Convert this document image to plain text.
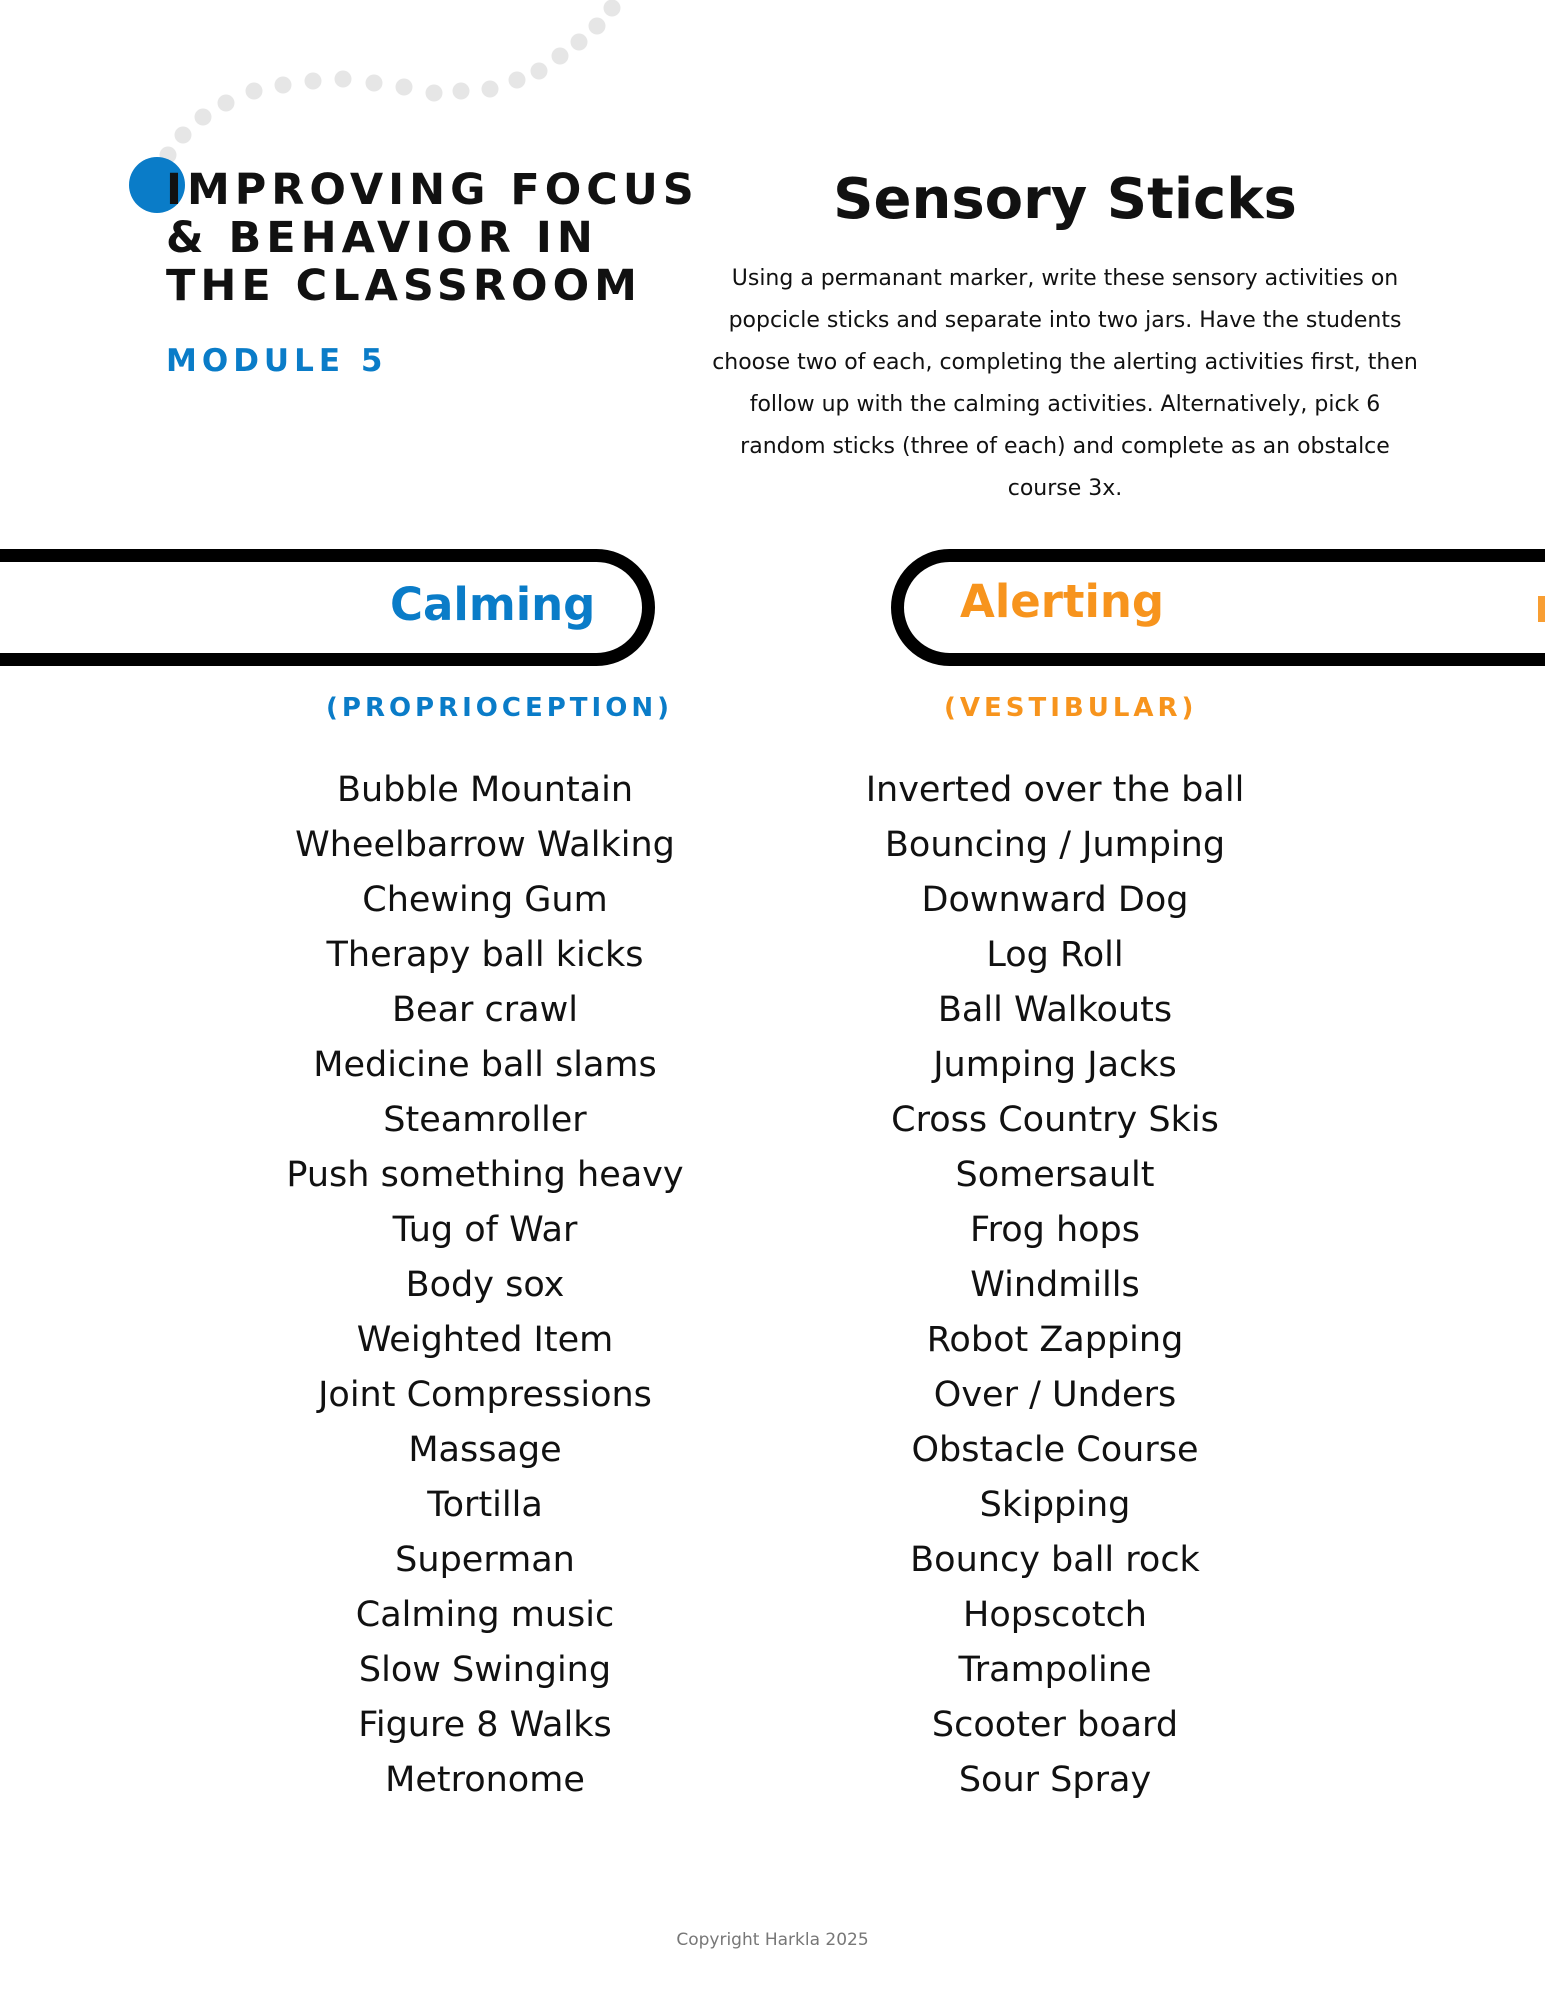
IMPROVING FOCUS & BEHAVIOR IN THE CLASSROOM

MODULE 5

Sensory Sticks

Using a permanant marker, write these sensory activities on popcicle sticks and separate into two jars. Have the students choose two of each, completing the alerting activities first, then follow up with the calming activities. Alternatively, pick 6 random sticks (three of each) and complete as an obstalce course 3x.

Calming	Alerting

(PROPRIOCEPTION)	(VESTIBULAR)

Bubble Mountain
Wheelbarrow Walking
Chewing Gum
Therapy ball kicks
Bear crawl
Medicine ball slams
Steamroller
Push something heavy
Tug of War
Body sox
Weighted Item
Joint Compressions
Massage
Tortilla
Superman
Calming music
Slow Swinging
Figure 8 Walks
Metronome
Inverted over the ball
Bouncing / Jumping
Downward Dog
Log Roll
Ball Walkouts
Jumping Jacks
Cross Country Skis
Somersault
Frog hops
Windmills
Robot Zapping
Over / Unders
Obstacle Course
Skipping
Bouncy ball rock
Hopscotch
Trampoline
Scooter board
Sour Spray

Copyright Harkla 2025
